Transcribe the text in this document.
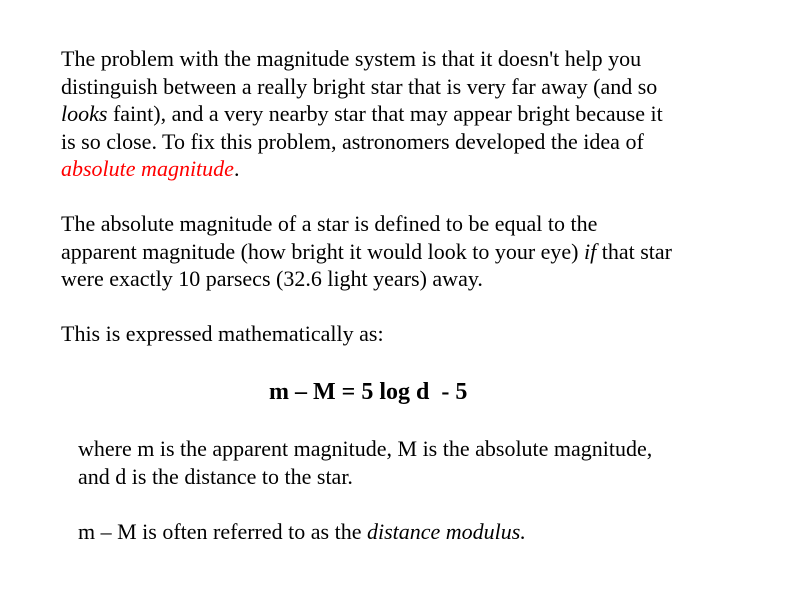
The problem with the magnitude system is that it doesn't help you
distinguish between a really bright star that is very far away (and so
looks faint), and a very nearby star that may appear bright because it
is so close. To fix this problem, astronomers developed the idea of
absolute magnitude.

The absolute magnitude of a star is defined to be equal to the
apparent magnitude (how bright it would look to your eye) if that star
were exactly 10 parsecs (32.6 light years) away.

This is expressed mathematically as:

m – M = 5 log d  - 5

where m is the apparent magnitude, M is the absolute magnitude,
and d is the distance to the star.

m – M is often referred to as the distance modulus.
